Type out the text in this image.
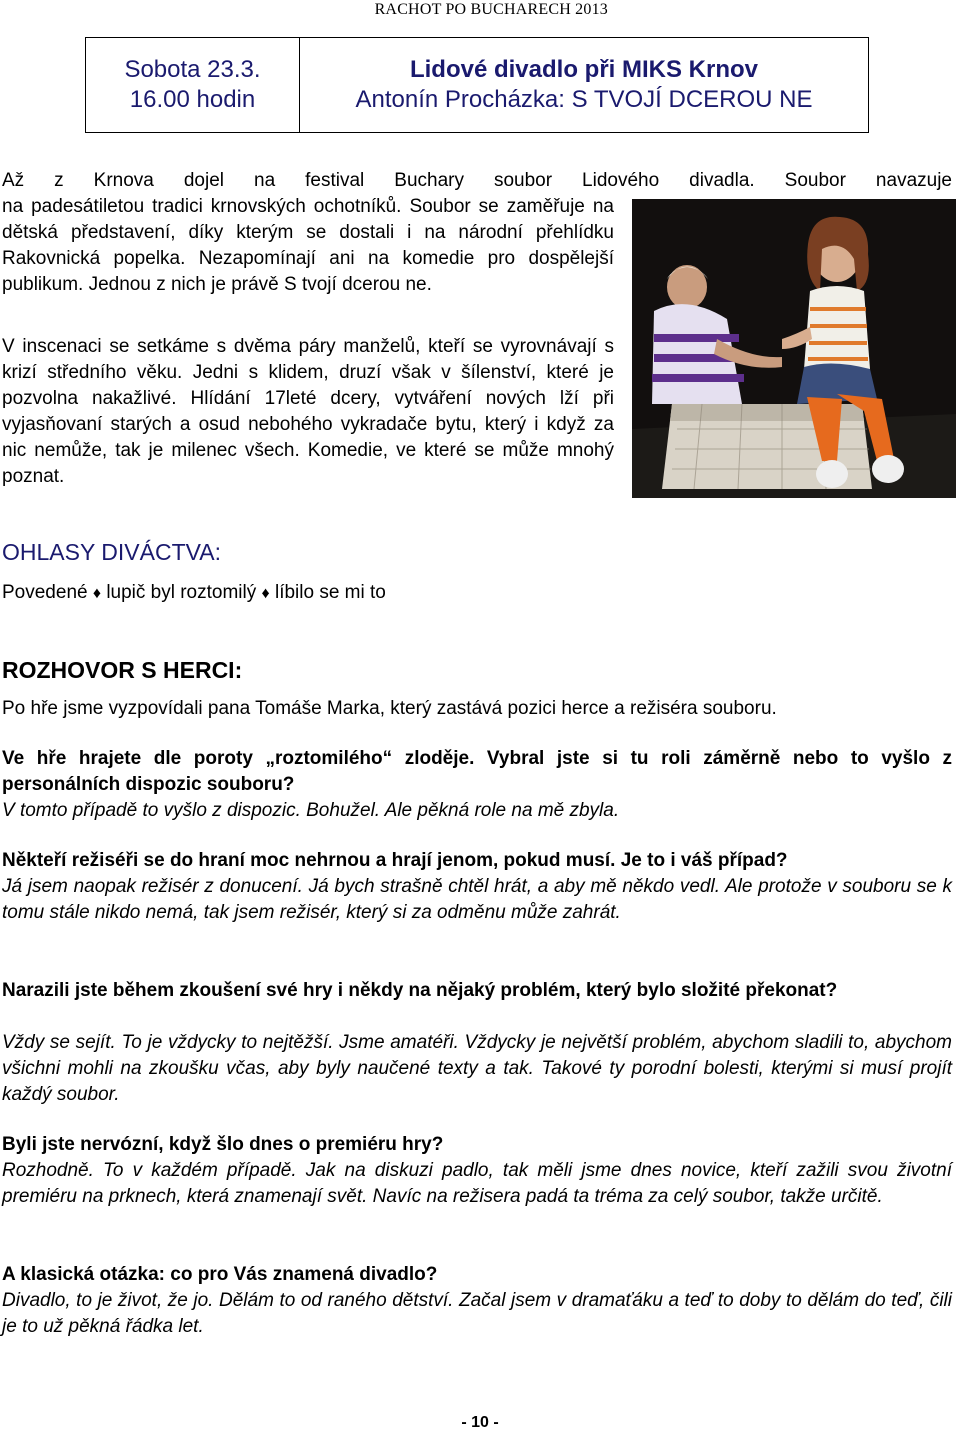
RACHOT PO BUCHARECH 2013
Sobota 23.3.
16.00 hodin
Lidové divadlo při MIKS Krnov
Antonín Procházka: S TVOJÍ DCEROU NE
Až z Krnova dojel na festival Buchary soubor Lidového divadla. Soubor navazuje
na padesátiletou tradici krnovských ochotníků. Soubor se zaměřuje na dětská představení, díky kterým se dostali i na národní přehlídku Rakovnická popelka. Nezapomínají ani na komedie pro dospělejší publikum. Jednou z nich je právě S tvojí dcerou ne.
V inscenaci se setkáme s dvěma páry manželů, kteří se vyrovnávají s krizí středního věku. Jedni s klidem, druzí však v šílenství, které je pozvolna nakažlivé. Hlídání 17leté dcery, vytváření nových lží při vyjasňovaní starých a osud nebohého vykradače bytu, který i když za nic nemůže, tak je milenec všech. Komedie, ve které se může mnohý poznat.
OHLASY DIVÁCTVA:
Povedené ♦ lupič byl roztomilý ♦ líbilo se mi to
ROZHOVOR S HERCI:
Po hře jsme vyzpovídali pana Tomáše Marka, který zastává pozici herce a režiséra souboru.
Ve hře hrajete dle poroty „roztomilého“ zloděje. Vybral jste si tu roli záměrně nebo to vyšlo z personálních dispozic souboru?
V tomto případě to vyšlo z dispozic. Bohužel. Ale pěkná role na mě zbyla.
Někteří režiséři se do hraní moc nehrnou a hrají jenom, pokud musí. Je to i váš případ?
Já jsem naopak režisér z donucení. Já bych strašně chtěl hrát, a aby mě někdo vedl. Ale protože v souboru se k tomu stále nikdo nemá, tak jsem režisér, který si za odměnu může zahrát.
Narazili jste během zkoušení své hry i někdy na nějaký problém, který bylo složité překonat?
Vždy se sejít. To je vždycky to nejtěžší. Jsme amatéři. Vždycky je největší problém, abychom sladili to, abychom všichni mohli na zkoušku včas, aby byly naučené texty a tak. Takové ty porodní bolesti, kterými si musí projít každý soubor.
Byli jste nervózní, když šlo dnes o premiéru hry?
Rozhodně. To v každém případě. Jak na diskuzi padlo, tak měli jsme dnes novice, kteří zažili svou životní premiéru na prknech, která znamenají svět. Navíc na režisera padá ta tréma za celý soubor, takže určitě.
A klasická otázka: co pro Vás znamená divadlo?
Divadlo, to je život, že jo. Dělám to od raného dětství. Začal jsem v dramaťáku a teď to doby to dělám do teď, čili je to už pěkná řádka let.
- 10 -
